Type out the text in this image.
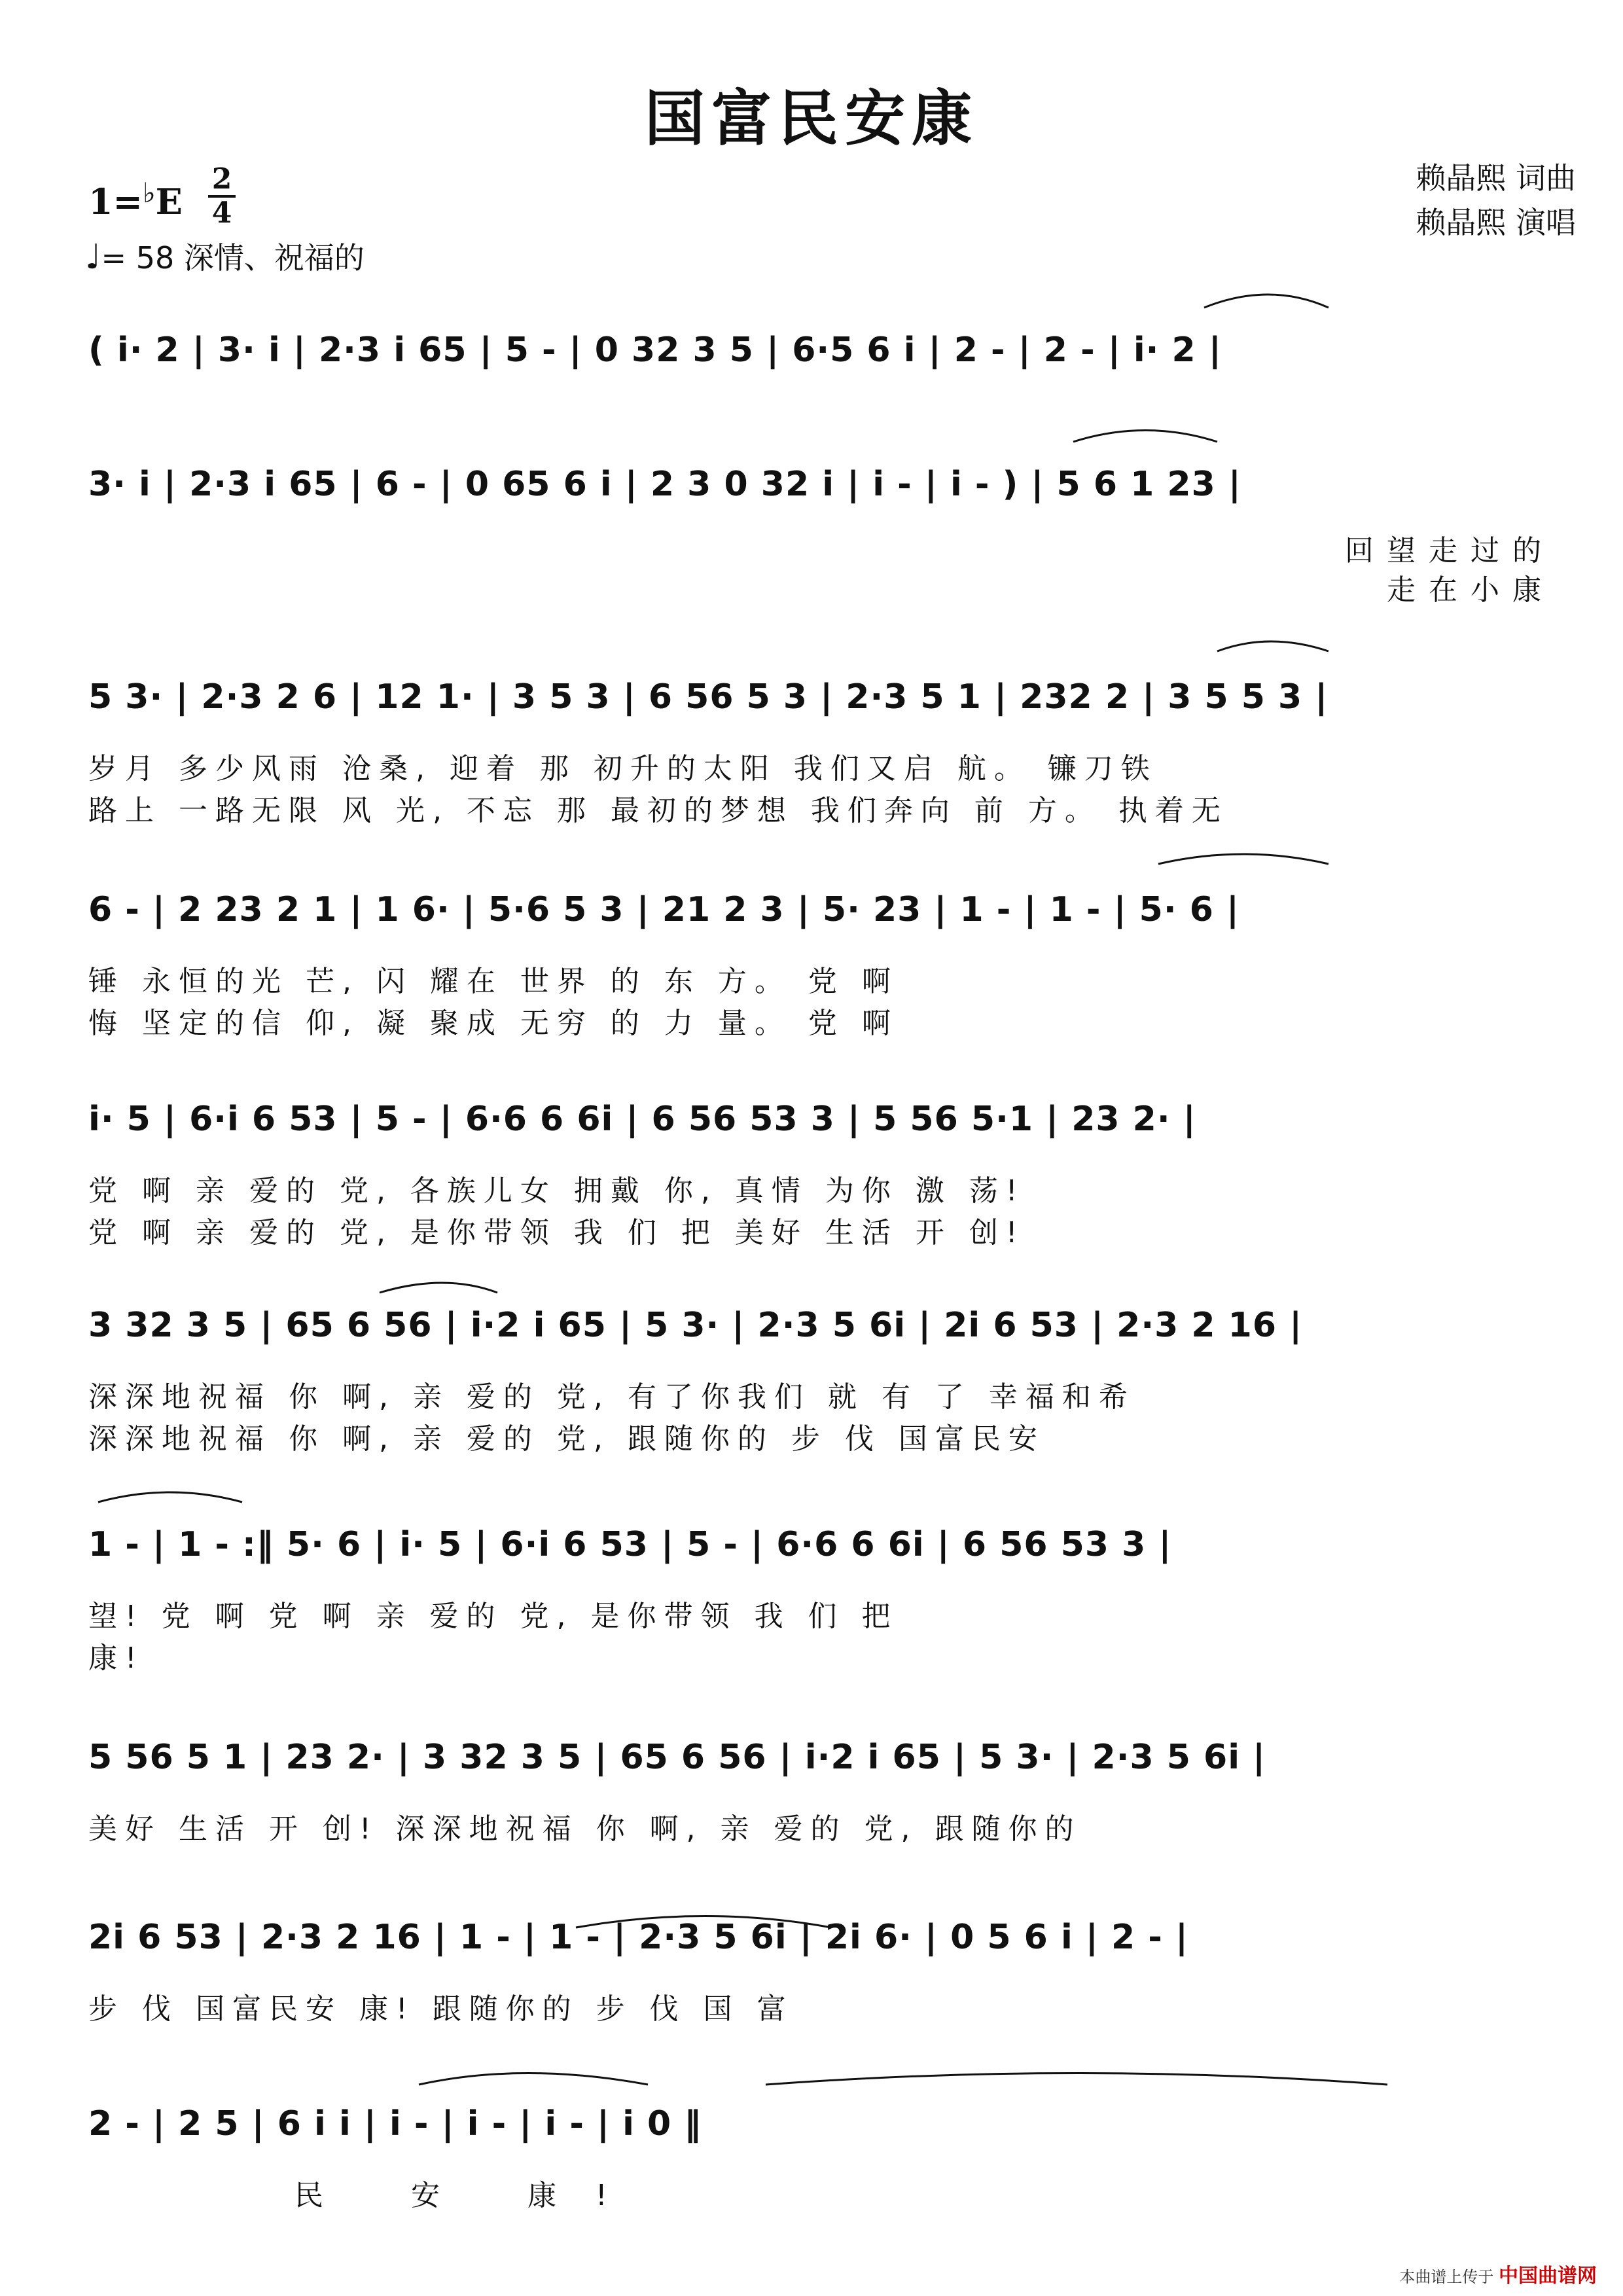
国富民安康
1=♭E
2
4
♩= 58 深情、祝福的
赖晶熙 词曲
赖晶熙 演唱
( i· 2 | 3· i | 2·3 i 65 | 5 - | 0 32 3 5 | 6·5 6 i | 2 - | 2 - | i· 2 |
3· i | 2·3 i 65 | 6 - | 0 65 6 i | 2 3 0 32 i | i - | i - ) | 5 6 1 23 |
回望走过的
走在小康
5 3· | 2·3 2 6 | 12 1· | 3 5 3 | 6 56 5 3 | 2·3 5 1 | 232 2 | 3 5 5 3 |
岁月 多少风雨 沧桑, 迎着 那 初升的太阳 我们又启 航。 镰刀铁
路上 一路无限 风 光, 不忘 那 最初的梦想 我们奔向 前 方。 执着无
6 - | 2 23 2 1 | 1 6· | 5·6 5 3 | 21 2 3 | 5· 23 | 1 - | 1 - | 5· 6 |
锤 永恒的光 芒, 闪 耀在 世界 的 东 方。 党 啊
悔 坚定的信 仰, 凝 聚成 无穷 的 力 量。 党 啊
i· 5 | 6·i 6 53 | 5 - | 6·6 6 6i | 6 56 53 3 | 5 56 5·1 | 23 2· |
党 啊 亲 爱的 党, 各族儿女 拥戴 你, 真情 为你 激 荡!
党 啊 亲 爱的 党, 是你带领 我 们 把 美好 生活 开 创!
3 32 3 5 | 65 6 56 | i·2 i 65 | 5 3· | 2·3 5 6i | 2i 6 53 | 2·3 2 16 |
深深地祝福 你 啊, 亲 爱的 党, 有了你我们 就 有 了 幸福和希
深深地祝福 你 啊, 亲 爱的 党, 跟随你的 步 伐 国富民安
1 - | 1 - :‖ 5· 6 | i· 5 | 6·i 6 53 | 5 - | 6·6 6 6i | 6 56 53 3 |
望! 党 啊 党 啊 亲 爱的 党, 是你带领 我 们 把
康!
5 56 5 1 | 23 2· | 3 32 3 5 | 65 6 56 | i·2 i 65 | 5 3· | 2·3 5 6i |
美好 生活 开 创! 深深地祝福 你 啊, 亲 爱的 党, 跟随你的
2i 6 53 | 2·3 2 16 | 1 - | 1 - | 2·3 5 6i | 2i 6· | 0 5 6 i | 2 - |
步 伐 国富民安 康! 跟随你的 步 伐 国 富
2 - | 2 5 | 6 i i | i - | i - | i - | i 0 ‖
民 安 康!
本曲谱上传于 中国曲谱网
